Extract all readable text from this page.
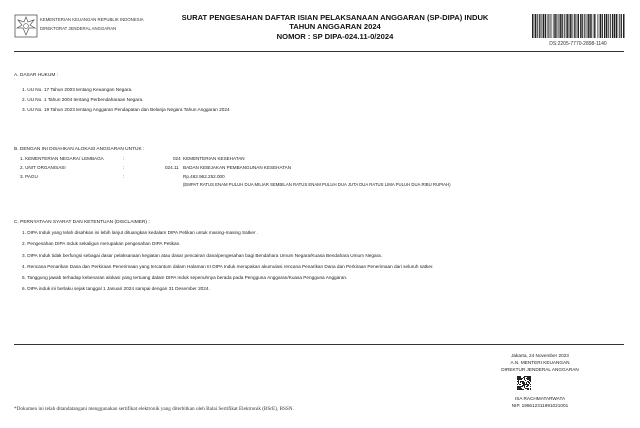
KEMENTERIAN KEUANGAN REPUBLIK INDONESIA
DIREKTORAT JENDERAL ANGGARAN
SURAT PENGESAHAN DAFTAR ISIAN PELAKSANAAN ANGGARAN (SP-DIPA) INDUK
TAHUN ANGGARAN 2024
NOMOR : SP DIPA-024.11-0/2024
DS:2205-7770-2898-1140
A. DASAR HUKUM :
1. UU No. 17 Tahun 2003 tentang Keuangan Negara.
2. UU No. 1 Tahun 2004 tentang Perbendaharaan Negara.
3. UU No. 19 Tahun 2023 tentang Anggaran Pendapatan dan Belanja Negara Tahun Anggaran 2024
B. DENGAN INI DISAHKAN ALOKASI ANGGARAN UNTUK :
1. KEMENTERIAN NEGARA/ LEMBAGA	:	024 KEMENTERIAN KESEHATAN
2. UNIT ORGANISASI	:	024.11 BADAN KEBIJAKAN PEMBANGUNAN KESEHATAN
3. PAGU	:	Rp.462.962.252.000
(EMPAT RATUS ENAM PULUH DUA MILIAR SEMBILAN RATUS ENAM PULUH DUA JUTA DUA RATUS LIMA PULUH DUA RIBU RUPIAH)
C. PERNYATAAN SYARAT DAN KETENTUAN (DISCLAIMER) :
1. DIPA Induk yang telah disahkan ini lebih lanjut dituangkan kedalam DIPA Petikan untuk masing-masing Satker .
2. Pengesahan DIPA Induk sekaligus merupakan pengesahan DIPA Petikan.
3. DIPA Induk tidak berfungsi sebagai dasar pelaksanaan kegiatan atau dasar pencairan dana/pengesahan bagi Bendahara Umum Negara/Kuasa Bendahara Umum Negara.
4. Rencana Penarikan Dana dan Perkiraan Penerimaan yang tercantum dalam Halaman III DIPA Induk merupakan akumulasi rencana Penarikan Dana dan Perkiraan Penerimaan dari seluruh satker.
5. Tanggung jawab terhadap kebenaran alokasi yang tertuang dalam DIPA Induk sepenuhnya berada pada Pengguna Anggaran/Kuasa Pengguna Anggaran.
6. DIPA induk ini berlaku sejak tanggal 1 Januari 2024 sampai dengan 31 Desember 2024.
Jakarta, 24 November 2023
A.N. MENTERI KEUANGAN
DIREKTUR JENDERAL ANGGARAN
ISA RACHMATARWATA
NIP. 196612311991021001
*Dokumen ini telah ditandatangani menggunakan sertifikat elektronik yang diterbitkan oleh Balai Sertifikat Elektronik (BSrE), BSSN.
